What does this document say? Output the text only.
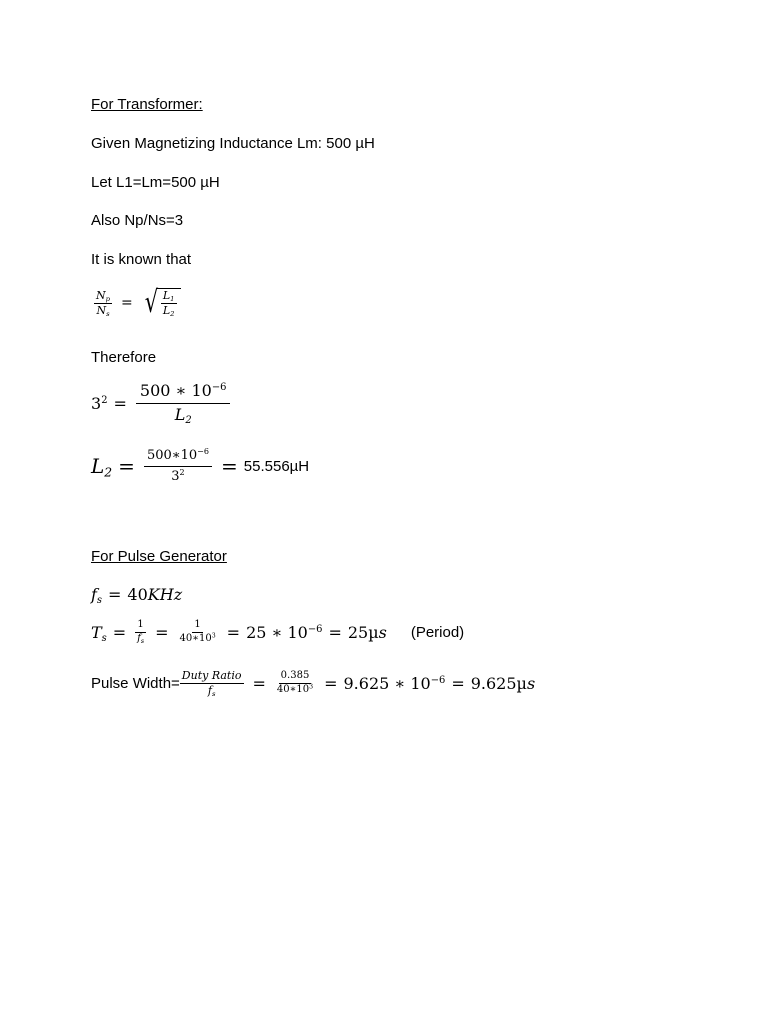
For Transformer:
Given Magnetizing Inductance Lm: 500 µH
Let L1=Lm=500 µH
Also Np/Ns=3
It is known that
$\frac{N_p}{N_s}$ = √ $\frac{L_1}{L_2}$
Therefore
$3^2 = \frac{500 ∗ 10^{-6}}{L_2}$
$L_2 = \frac{500∗10^{-6}}{3^2} = 55.556\mu H$
For Pulse Generator
$f_s = 40$ KHz
$T_s = \frac{1}{f_s} = \frac{1}{40∗10^3} = 25$ ∗ $10^{-6} = 25\mu s$ (Period)
Pulse Width= $\frac{\text{Duty Ratio}}{f_s} = \frac{0.385}{40∗10^3} = 9.625$ ∗ $10^{-6} = 9.625\mu s$
